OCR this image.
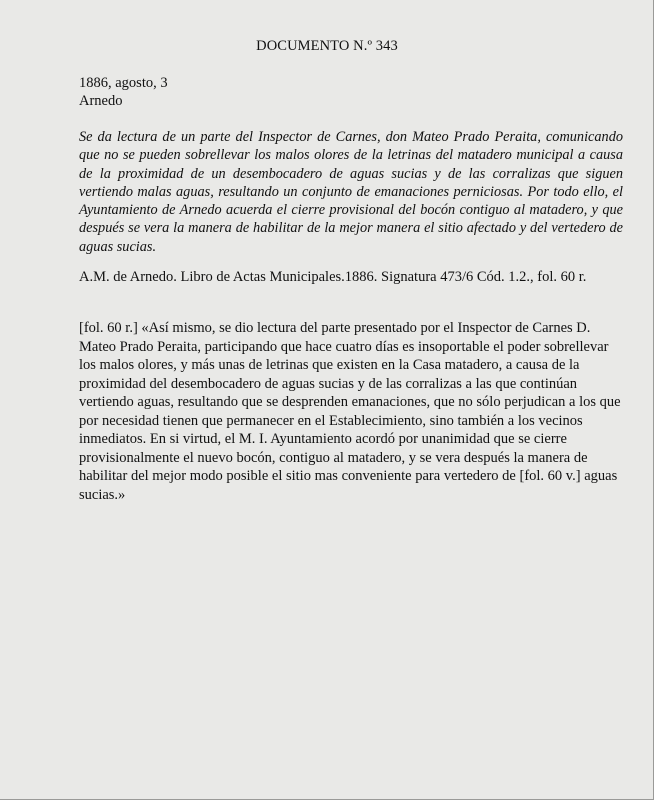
DOCUMENTO N.º 343
1886, agosto, 3
Arnedo

Se da lectura de un parte del Inspector de Carnes, don Mateo Prado Peraita, comunicando que no se pueden sobrellevar los malos olores de la letrinas del matadero municipal a causa de la proximidad de un desembocadero de aguas sucias y de las corralizas que siguen vertiendo malas aguas, resultando un conjunto de emanaciones perniciosas. Por todo ello, el Ayuntamiento de Arnedo acuerda el cierre provisional del bocón contiguo al matadero, y que después se vera la manera de habilitar de la mejor manera el sitio afectado y del vertedero de aguas sucias.

A.M. de Arnedo. Libro de Actas Municipales.1886. Signatura 473/6 Cód. 1.2., fol. 60 r.

[fol. 60 r.] «Así mismo, se dio lectura del parte presentado por el Inspector de Carnes D. Mateo Prado Peraita, participando que hace cuatro días es insoportable el poder sobrellevar los malos olores, y más unas de letrinas que existen en la Casa matadero, a causa de la proximidad del desembocadero de aguas sucias y de las corralizas a las que continúan vertiendo aguas, resultando que se desprenden emanaciones, que no sólo perjudican a los que por necesidad tienen que permanecer en el Establecimiento, sino también a los vecinos inmediatos. En si virtud, el M. I. Ayuntamiento acordó por unanimidad que se cierre provisionalmente el nuevo bocón, contiguo al matadero, y se vera después la manera de habilitar del mejor modo posible el sitio mas conveniente para vertedero de [fol. 60 v.] aguas sucias.»
